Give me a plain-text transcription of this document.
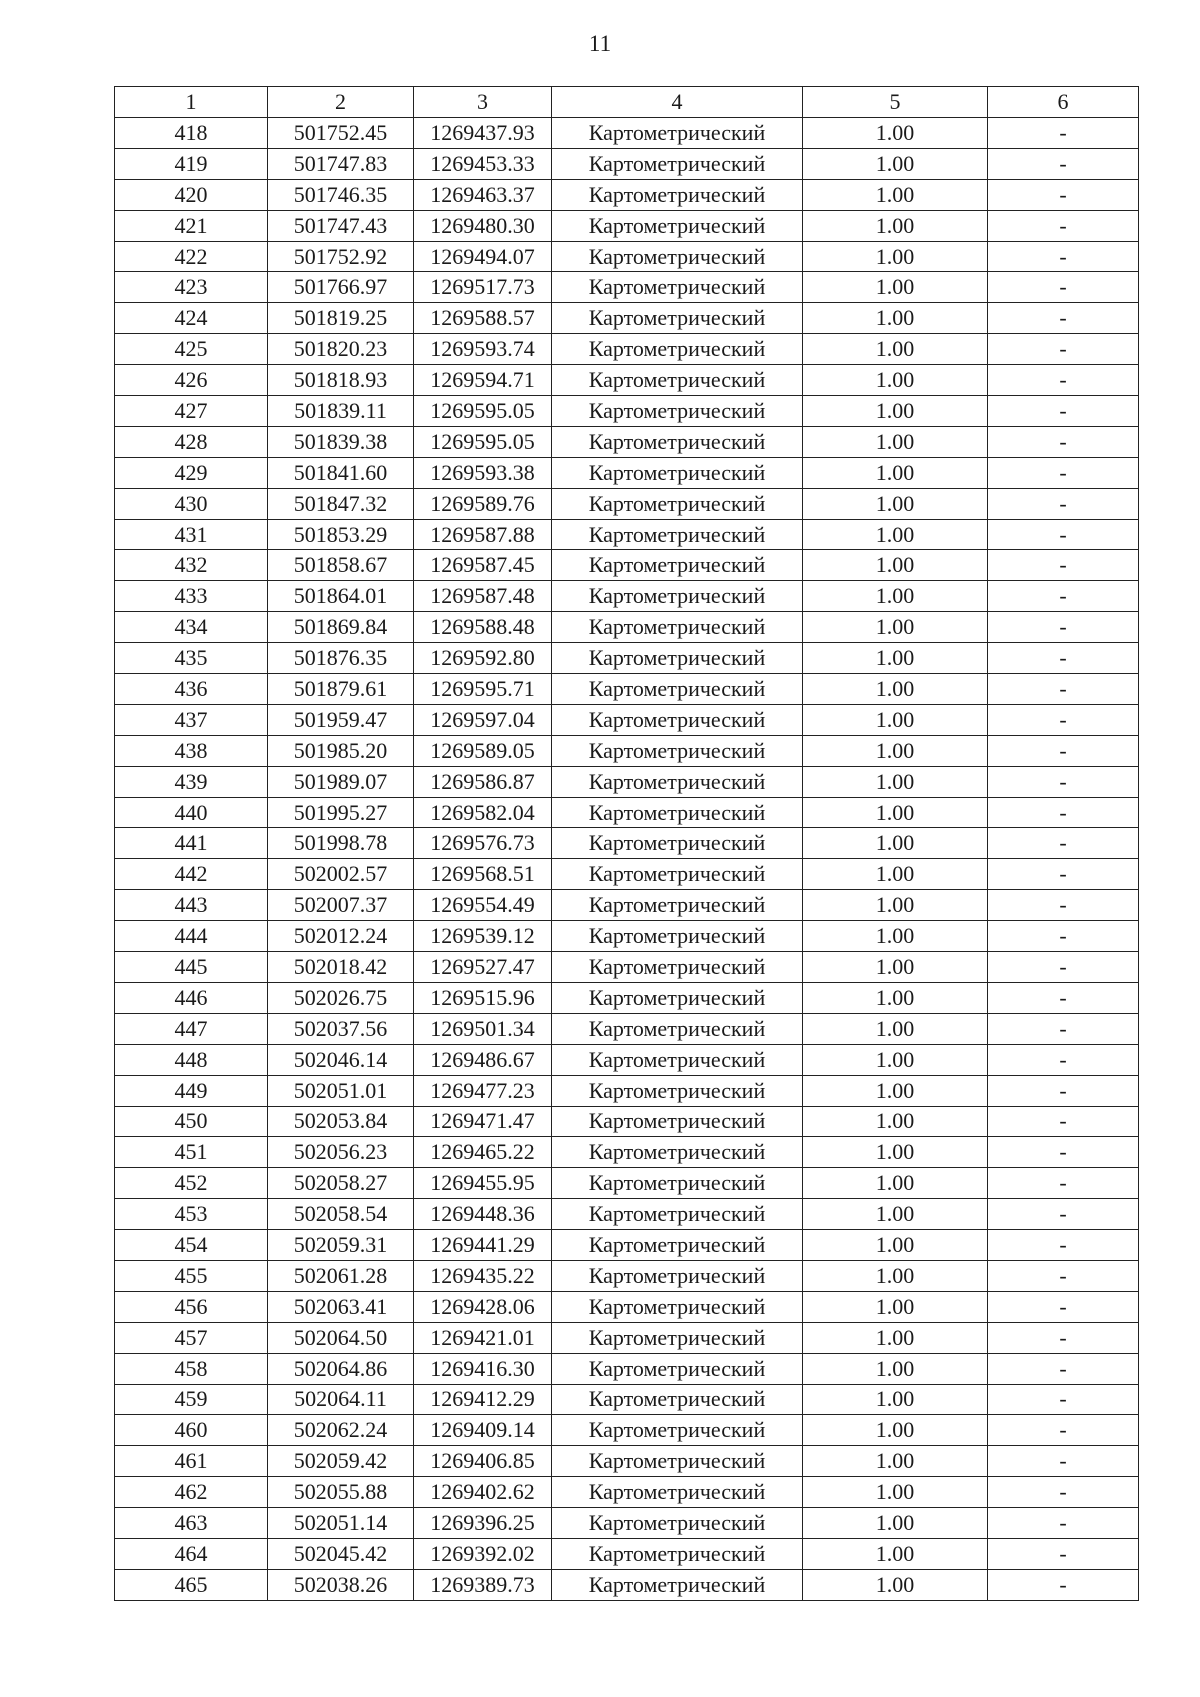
11
1	2	3	4	5	6
418	501752.45	1269437.93	Картометрический	1.00	-
419	501747.83	1269453.33	Картометрический	1.00	-
420	501746.35	1269463.37	Картометрический	1.00	-
421	501747.43	1269480.30	Картометрический	1.00	-
422	501752.92	1269494.07	Картометрический	1.00	-
423	501766.97	1269517.73	Картометрический	1.00	-
424	501819.25	1269588.57	Картометрический	1.00	-
425	501820.23	1269593.74	Картометрический	1.00	-
426	501818.93	1269594.71	Картометрический	1.00	-
427	501839.11	1269595.05	Картометрический	1.00	-
428	501839.38	1269595.05	Картометрический	1.00	-
429	501841.60	1269593.38	Картометрический	1.00	-
430	501847.32	1269589.76	Картометрический	1.00	-
431	501853.29	1269587.88	Картометрический	1.00	-
432	501858.67	1269587.45	Картометрический	1.00	-
433	501864.01	1269587.48	Картометрический	1.00	-
434	501869.84	1269588.48	Картометрический	1.00	-
435	501876.35	1269592.80	Картометрический	1.00	-
436	501879.61	1269595.71	Картометрический	1.00	-
437	501959.47	1269597.04	Картометрический	1.00	-
438	501985.20	1269589.05	Картометрический	1.00	-
439	501989.07	1269586.87	Картометрический	1.00	-
440	501995.27	1269582.04	Картометрический	1.00	-
441	501998.78	1269576.73	Картометрический	1.00	-
442	502002.57	1269568.51	Картометрический	1.00	-
443	502007.37	1269554.49	Картометрический	1.00	-
444	502012.24	1269539.12	Картометрический	1.00	-
445	502018.42	1269527.47	Картометрический	1.00	-
446	502026.75	1269515.96	Картометрический	1.00	-
447	502037.56	1269501.34	Картометрический	1.00	-
448	502046.14	1269486.67	Картометрический	1.00	-
449	502051.01	1269477.23	Картометрический	1.00	-
450	502053.84	1269471.47	Картометрический	1.00	-
451	502056.23	1269465.22	Картометрический	1.00	-
452	502058.27	1269455.95	Картометрический	1.00	-
453	502058.54	1269448.36	Картометрический	1.00	-
454	502059.31	1269441.29	Картометрический	1.00	-
455	502061.28	1269435.22	Картометрический	1.00	-
456	502063.41	1269428.06	Картометрический	1.00	-
457	502064.50	1269421.01	Картометрический	1.00	-
458	502064.86	1269416.30	Картометрический	1.00	-
459	502064.11	1269412.29	Картометрический	1.00	-
460	502062.24	1269409.14	Картометрический	1.00	-
461	502059.42	1269406.85	Картометрический	1.00	-
462	502055.88	1269402.62	Картометрический	1.00	-
463	502051.14	1269396.25	Картометрический	1.00	-
464	502045.42	1269392.02	Картометрический	1.00	-
465	502038.26	1269389.73	Картометрический	1.00	-
